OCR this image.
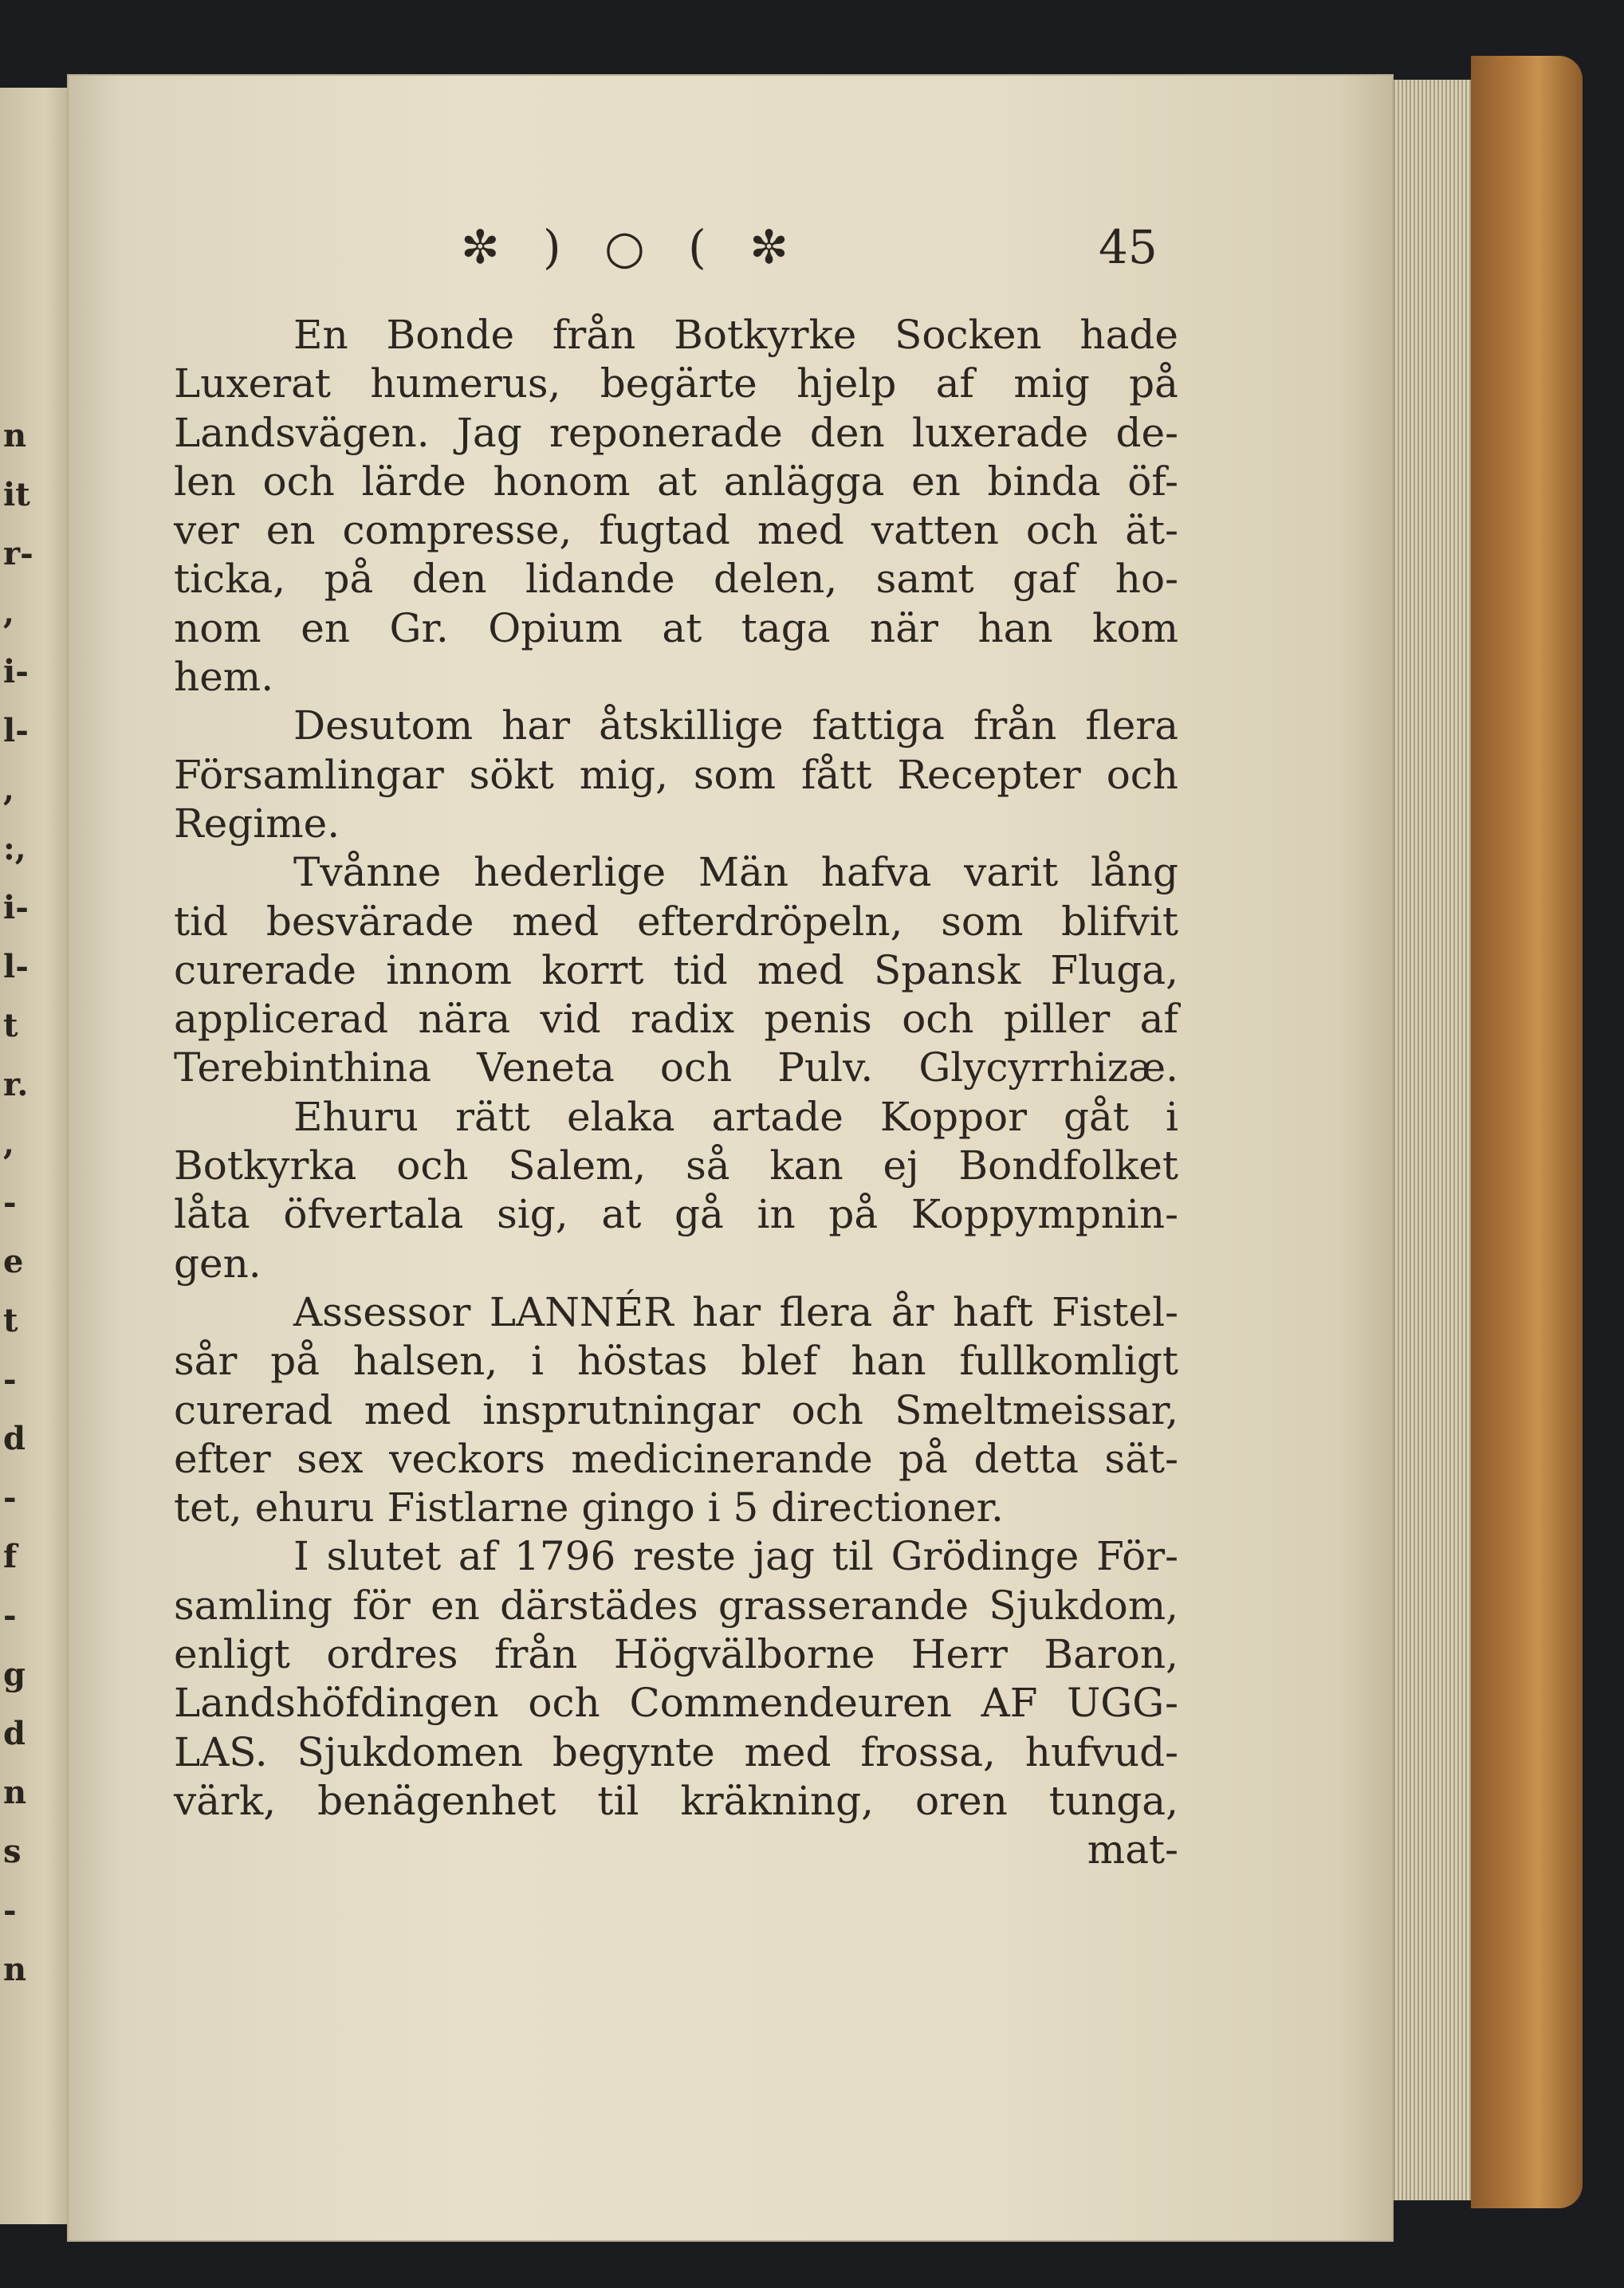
n
it
r-
,
i-
l-
,
:,
i-
l-
t
r.
,
-
e
t
-
d
-
f
-
g
d
n
s
-
n
✼ ) ○ ( ✼	45
En Bonde från Botkyrke Socken hade
Luxerat humerus, begärte hjelp af mig på
Landsvägen. Jag reponerade den luxerade de-
len och lärde honom at anlägga en binda öf-
ver en compresse, fugtad med vatten och ät-
ticka, på den lidande delen, samt gaf ho-
nom en Gr. Opium at taga när han kom
hem.
Desutom har åtskillige fattiga från flera
Församlingar sökt mig, som fått Recepter och
Regime.
Tvånne hederlige Män hafva varit lång
tid besvärade med efterdröpeln, som blifvit
curerade innom korrt tid med Spansk Fluga,
applicerad nära vid radix penis och piller af
Terebinthina Veneta och Pulv. Glycyrrhizæ.
Ehuru rätt elaka artade Koppor gåt i
Botkyrka och Salem, så kan ej Bondfolket
låta öfvertala sig, at gå in på Koppympnin-
gen.
Assessor LANNÉR har flera år haft Fistel-
sår på halsen, i höstas blef han fullkomligt
curerad med insprutningar och Smeltmeissar,
efter sex veckors medicinerande på detta sät-
tet, ehuru Fistlarne gingo i 5 directioner.
I slutet af 1796 reste jag til Grödinge För-
samling för en därstädes grasserande Sjukdom,
enligt ordres från Högvälborne Herr Baron,
Landshöfdingen och Commendeuren AF UGG-
LAS. Sjukdomen begynte med frossa, hufvud-
värk, benägenhet til kräkning, oren tunga,
mat-
